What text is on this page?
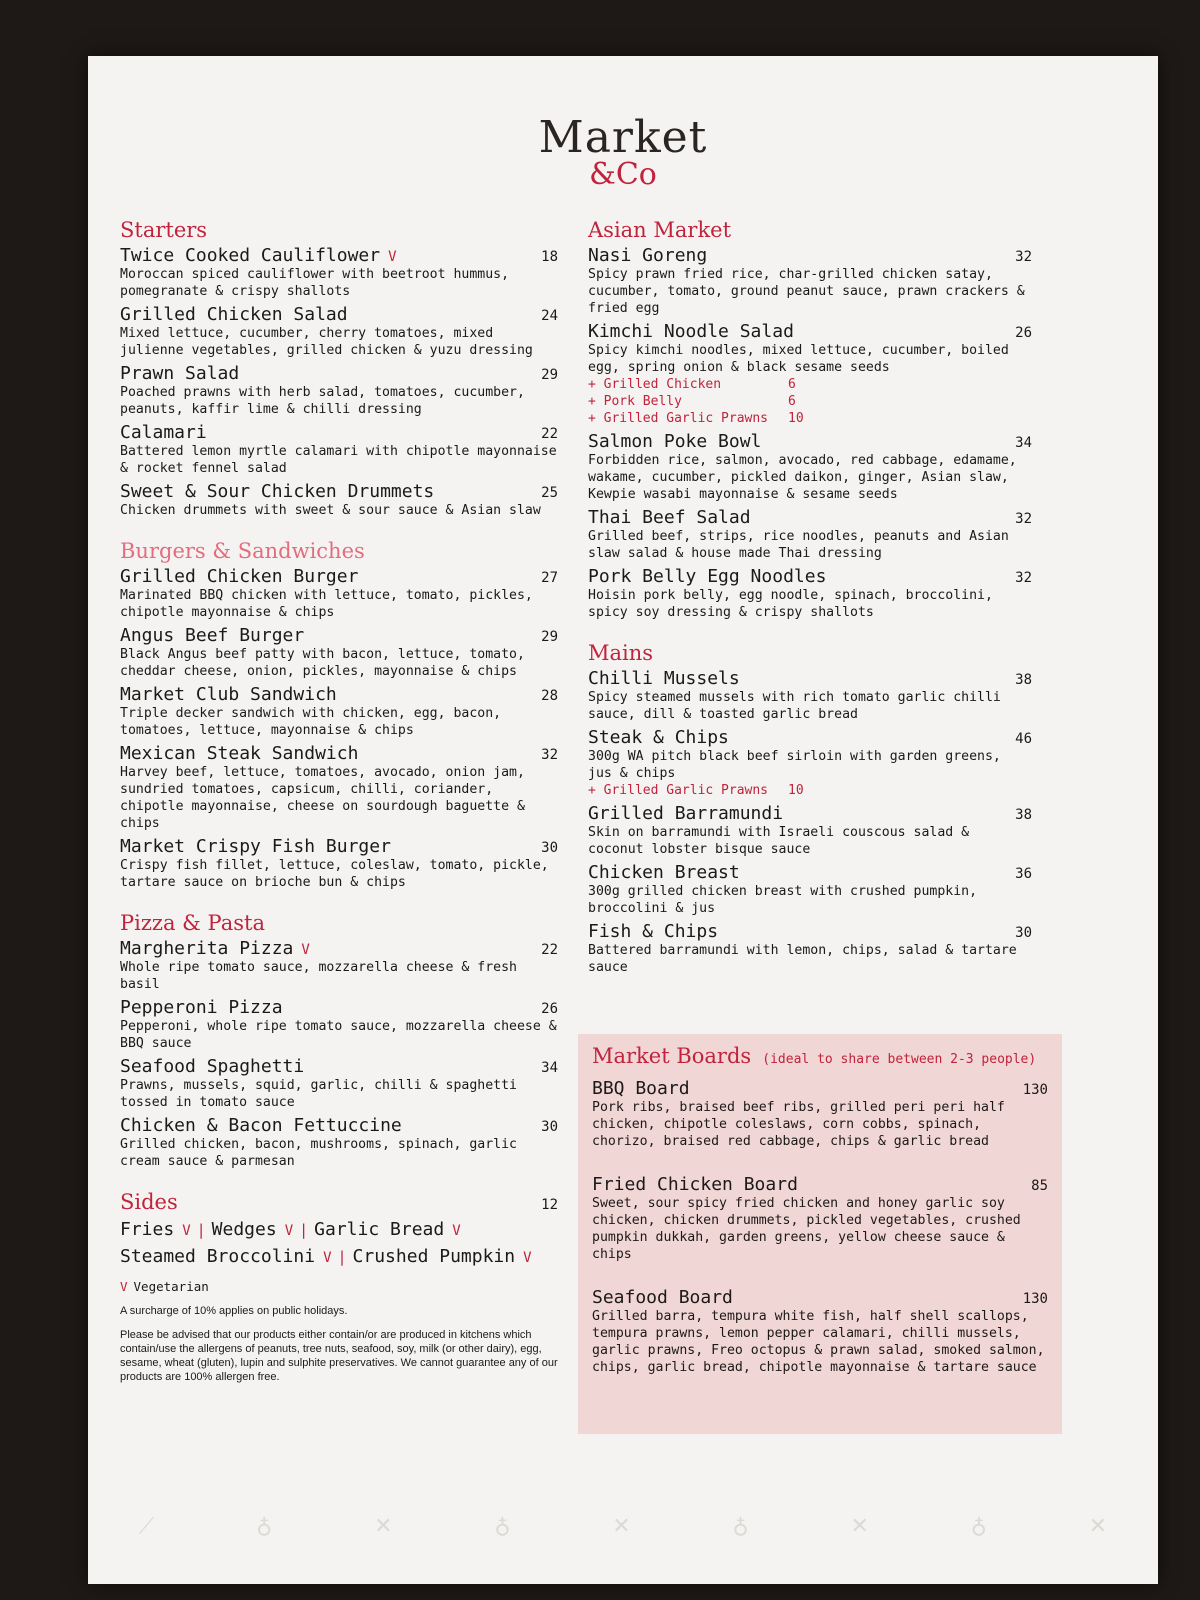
Market
&Co
Starters
Twice Cooked Cauliflower V	18
Moroccan spiced cauliflower with beetroot hummus, pomegranate & crispy shallots
Grilled Chicken Salad	24
Mixed lettuce, cucumber, cherry tomatoes, mixed julienne vegetables, grilled chicken & yuzu dressing
Prawn Salad	29
Poached prawns with herb salad, tomatoes, cucumber, peanuts, kaffir lime & chilli dressing
Calamari	22
Battered lemon myrtle calamari with chipotle mayonnaise & rocket fennel salad
Sweet & Sour Chicken Drummets	25
Chicken drummets with sweet & sour sauce & Asian slaw
Burgers & Sandwiches
Grilled Chicken Burger	27
Marinated BBQ chicken with lettuce, tomato, pickles, chipotle mayonnaise & chips
Angus Beef Burger	29
Black Angus beef patty with bacon, lettuce, tomato, cheddar cheese, onion, pickles, mayonnaise & chips
Market Club Sandwich	28
Triple decker sandwich with chicken, egg, bacon, tomatoes, lettuce, mayonnaise & chips
Mexican Steak Sandwich	32
Harvey beef, lettuce, tomatoes, avocado, onion jam, sundried tomatoes, capsicum, chilli, coriander, chipotle mayonnaise, cheese on sourdough baguette & chips
Market Crispy Fish Burger	30
Crispy fish fillet, lettuce, coleslaw, tomato, pickle, tartare sauce on brioche bun & chips
Pizza & Pasta
Margherita Pizza V	22
Whole ripe tomato sauce, mozzarella cheese & fresh basil
Pepperoni Pizza	26
Pepperoni, whole ripe tomato sauce, mozzarella cheese & BBQ sauce
Seafood Spaghetti	34
Prawns, mussels, squid, garlic, chilli & spaghetti tossed in tomato sauce
Chicken & Bacon Fettuccine	30
Grilled chicken, bacon, mushrooms, spinach, garlic cream sauce & parmesan
Sides	12
Fries V | Wedges V | Garlic Bread V
Steamed Broccolini V | Crushed Pumpkin V
V Vegetarian
A surcharge of 10% applies on public holidays.
Please be advised that our products either contain/or are produced in kitchens which contain/use the allergens of peanuts, tree nuts, seafood, soy, milk (or other dairy), egg, sesame, wheat (gluten), lupin and sulphite preservatives. We cannot guarantee any of our products are 100% allergen free.
Asian Market
Nasi Goreng	32
Spicy prawn fried rice, char-grilled chicken satay, cucumber, tomato, ground peanut sauce, prawn crackers & fried egg
Kimchi Noodle Salad	26
Spicy kimchi noodles, mixed lettuce, cucumber, boiled egg, spring onion & black sesame seeds
+ Grilled Chicken	6
+ Pork Belly	6
+ Grilled Garlic Prawns	10
Salmon Poke Bowl	34
Forbidden rice, salmon, avocado, red cabbage, edamame, wakame, cucumber, pickled daikon, ginger, Asian slaw, Kewpie wasabi mayonnaise & sesame seeds
Thai Beef Salad	32
Grilled beef, strips, rice noodles, peanuts and Asian slaw salad & house made Thai dressing
Pork Belly Egg Noodles	32
Hoisin pork belly, egg noodle, spinach, broccolini, spicy soy dressing & crispy shallots
Mains
Chilli Mussels	38
Spicy steamed mussels with rich tomato garlic chilli sauce, dill & toasted garlic bread
Steak & Chips	46
300g WA pitch black beef sirloin with garden greens, jus & chips
+ Grilled Garlic Prawns	10
Grilled Barramundi	38
Skin on barramundi with Israeli couscous salad & coconut lobster bisque sauce
Chicken Breast	36
300g grilled chicken breast with crushed pumpkin, broccolini & jus
Fish & Chips	30
Battered barramundi with lemon, chips, salad & tartare sauce
Market Boards (ideal to share between 2-3 people)
BBQ Board	130
Pork ribs, braised beef ribs, grilled peri peri half chicken, chipotle coleslaws, corn cobbs, spinach, chorizo, braised red cabbage, chips & garlic bread
Fried Chicken Board	85
Sweet, sour spicy fried chicken and honey garlic soy chicken, chicken drummets, pickled vegetables, crushed pumpkin dukkah, garden greens, yellow cheese sauce & chips
Seafood Board	130
Grilled barra, tempura white fish, half shell scallops, tempura prawns, lemon pepper calamari, chilli mussels, garlic prawns, Freo octopus & prawn salad, smoked salmon, chips, garlic bread, chipotle mayonnaise & tartare sauce
⟋	♁	✕	♁	✕	♁	✕	♁	✕
